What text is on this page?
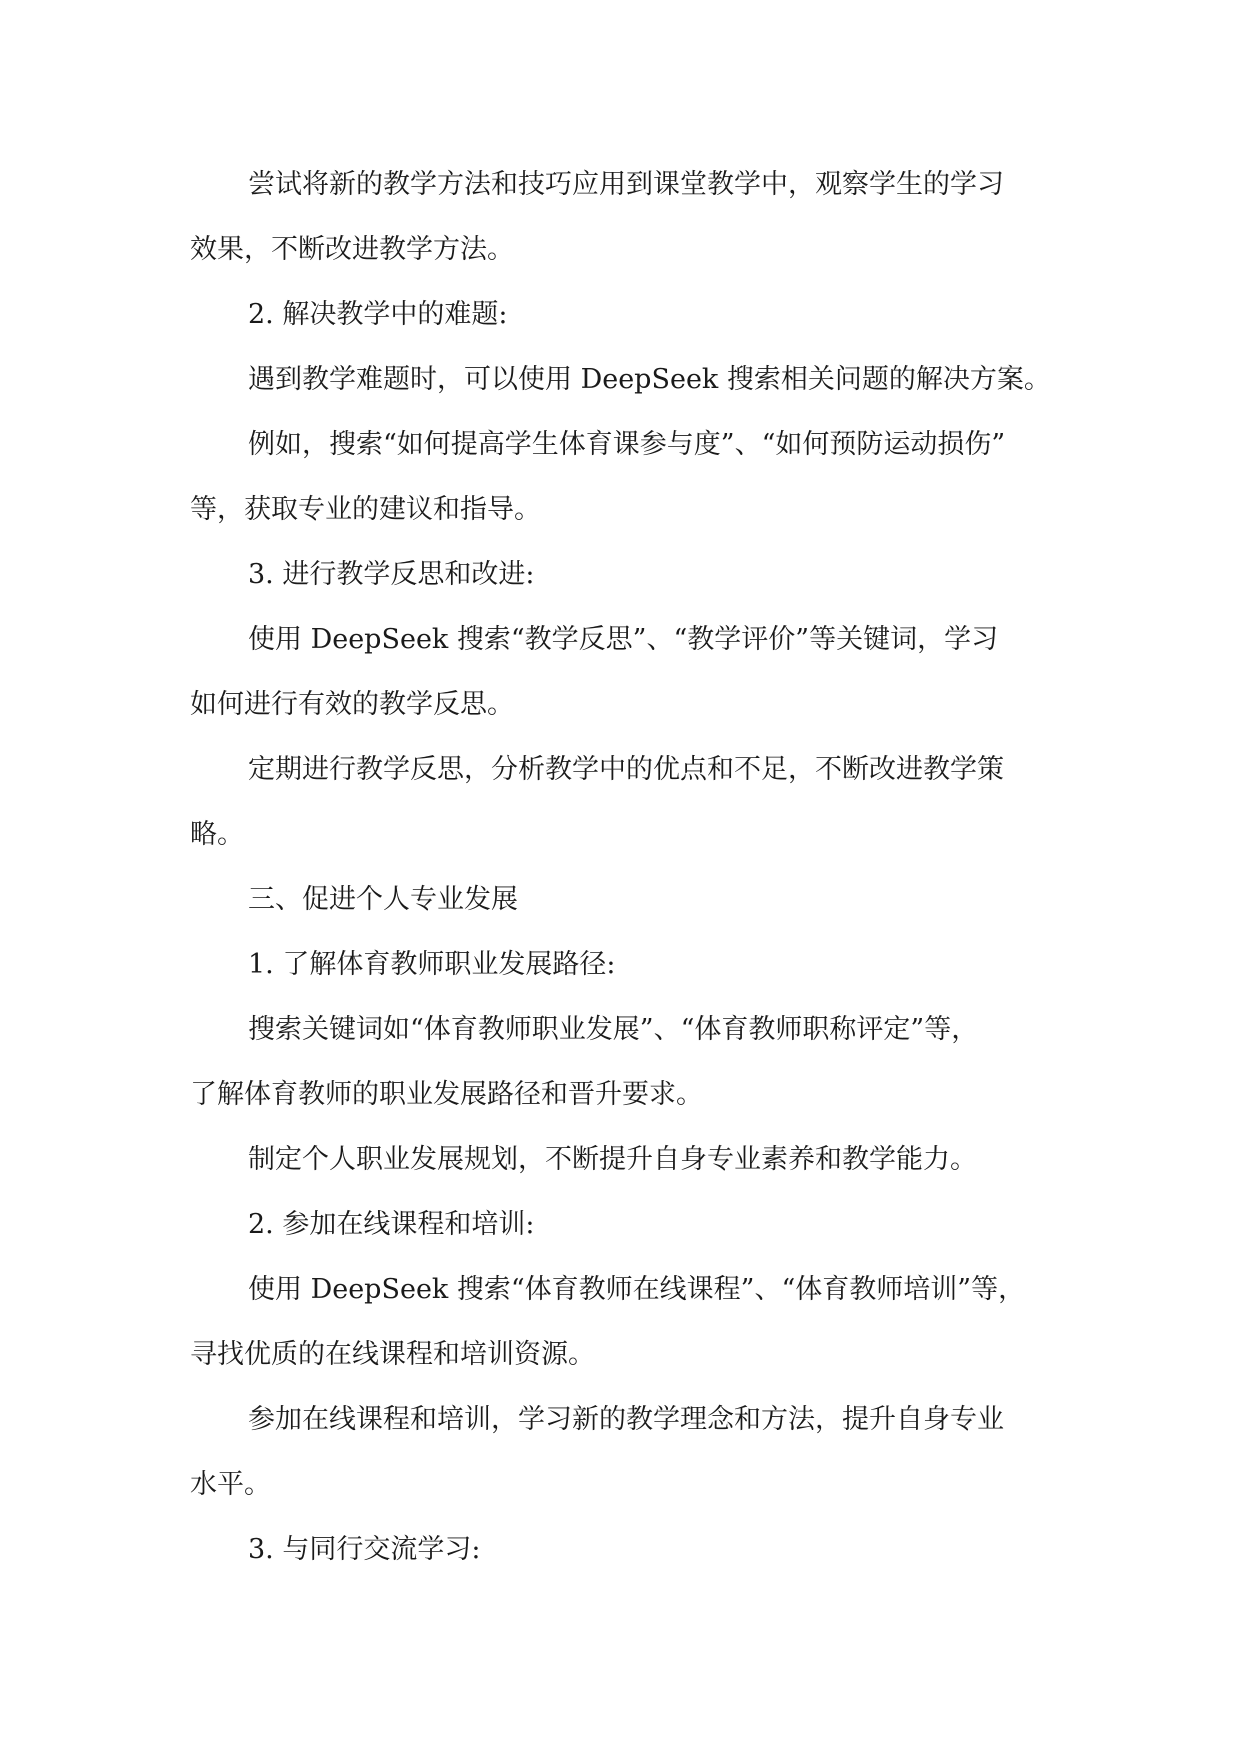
尝试将新的教学方法和技巧应用到课堂教学中，观察学生的学习
效果，不断改进教学方法。
2. 解决教学中的难题:
遇到教学难题时，可以使用 DeepSeek 搜索相关问题的解决方案。
例如，搜索“如何提高学生体育课参与度”、“如何预防运动损伤”
等，获取专业的建议和指导。
3. 进行教学反思和改进:
使用 DeepSeek 搜索“教学反思”、“教学评价”等关键词，学习
如何进行有效的教学反思。
定期进行教学反思，分析教学中的优点和不足，不断改进教学策
略。
三、促进个人专业发展
1. 了解体育教师职业发展路径:
搜索关键词如“体育教师职业发展”、“体育教师职称评定”等，
了解体育教师的职业发展路径和晋升要求。
制定个人职业发展规划，不断提升自身专业素养和教学能力。
2. 参加在线课程和培训:
使用 DeepSeek 搜索“体育教师在线课程”、“体育教师培训”等，
寻找优质的在线课程和培训资源。
参加在线课程和培训，学习新的教学理念和方法，提升自身专业
水平。
3. 与同行交流学习:
